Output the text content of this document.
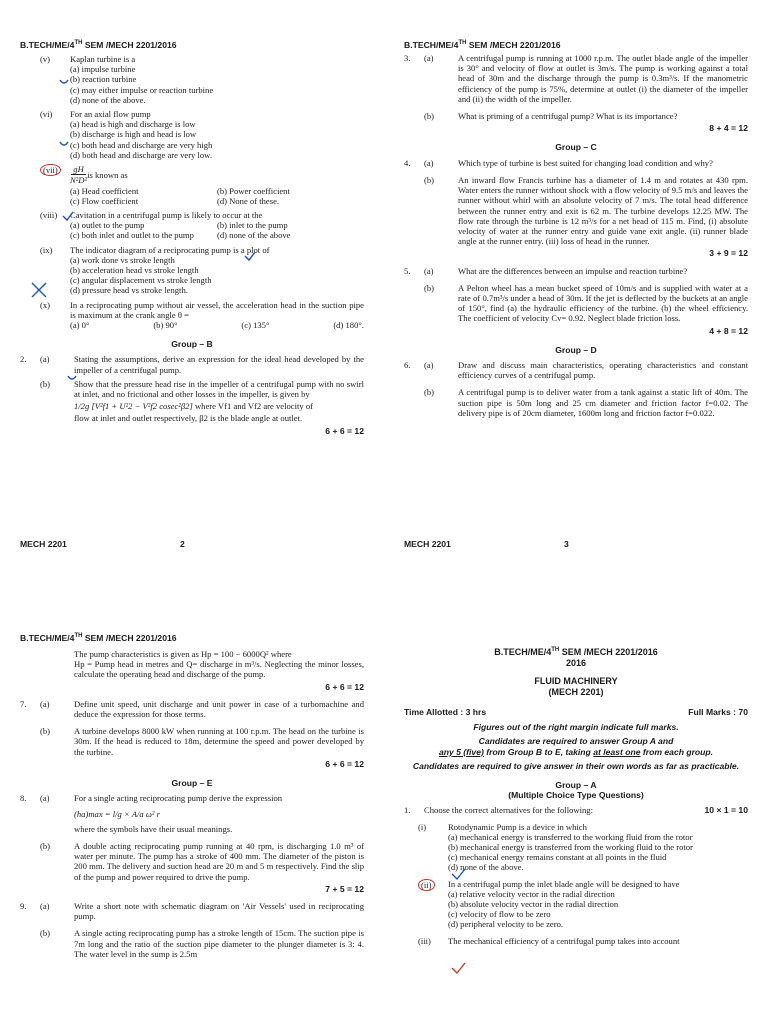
B.TECH/ME/4TH SEM /MECH 2201/2016
(v)	Kaplan turbine is a
(a) impulse turbine
(b) reaction turbine
(c) may either impulse or reaction turbine
(d) none of the above.
(vi)	For an axial flow pump
(a) head is high and discharge is low
(b) discharge is high and head is low
(c) both head and discharge are very high
(d) both head and discharge are very low.
(vii)	gH
N²D²
is known as
(a) Head coefficient	(b) Power coefficient
(c) Flow coefficient	(d) None of these.
(viii)	Cavitation in a centrifugal pump is likely to occur at the
(a) outlet to the pump	(b) inlet to the pump
(c) both inlet and outlet to the pump	(d) none of the above
(ix)	The indicator diagram of a reciprocating pump is a plot of
(a) work done vs stroke length
(b) acceleration head vs stroke length
(c) angular displacement vs stroke length
(d) pressure head vs stroke length.
(x)	In a reciprocating pump without air vessel, the acceleration head in the suction pipe is maximum at the crank angle θ =
(a) 0°	(b) 90°	(c) 135°	(d) 180°.
Group – B
2.	(a)	Stating the assumptions, derive an expression for the ideal head developed by the impeller of a centrifugal pump.
(b)	Show that the pressure head rise in the impeller of a centrifugal pump with no swirl at inlet, and no frictional and other losses in the impeller, is given by
1/2g [V²f1 + U²2 − V²f2 cosec²β2] where Vf1 and Vf2 are velocity of
flow at inlet and outlet respectively, β2 is the blade angle at outlet.
6 + 6 = 12
MECH 2201	2
B.TECH/ME/4TH SEM /MECH 2201/2016
3.	(a)	A centrifugal pump is running at 1000 r.p.m. The outlet blade angle of the impeller is 30° and velocity of flow at outlet is 3m/s. The pump is working against a total head of 30m and the discharge through the pump is 0.3m³/s. If the manometric efficiency of the pump is 75%, determine at outlet (i) the diameter of the impeller and (ii) the width of the impeller.
(b)	What is priming of a centrifugal pump? What is its importance?
8 + 4 = 12
Group – C
4.	(a)	Which type of turbine is best suited for changing load condition and why?
(b)	An inward flow Francis turbine has a diameter of 1.4 m and rotates at 430 rpm. Water enters the runner without shock with a flow velocity of 9.5 m/s and leaves the runner without whirl with an absolute velocity of 7 m/s. The total head difference between the runner entry and exit is 62 m. The turbine develops 12.25 MW. The flow rate through the turbine is 12 m³/s for a net head of 115 m. Find, (i) absolute velocity of water at the runner entry and guide vane exit angle. (ii) runner blade angle at the runner entry. (iii) loss of head in the runner.
3 + 9 = 12
5.	(a)	What are the differences between an impulse and reaction turbine?
(b)	A Pelton wheel has a mean bucket speed of 10m/s and is supplied with water at a rate of 0.7m³/s under a head of 30m. If the jet is deflected by the buckets at an angle of 150°, find (a) the hydraulic efficiency of the turbine. (b) the wheel efficiency. The coefficient of velocity Cv= 0.92. Neglect blade friction loss.
4 + 8 = 12
Group – D
6.	(a)	Draw and discuss main characteristics, operating characteristics and constant efficiency curves of a centrifugal pump.
(b)	A centrifugal pump is to deliver water from a tank against a static lift of 40m. The suction pipe is 50m long and 25 cm diameter and friction factor f=0.02. The delivery pipe is of 20cm diameter, 1600m long and friction factor f=0.022.
MECH 2201	3
B.TECH/ME/4TH SEM /MECH 2201/2016
The pump characteristics is given as Hp = 100 − 6000Q² where
Hp = Pump head in metres and Q= discharge in m³/s. Neglecting the minor losses, calculate the operating head and discharge of the pump.
6 + 6 = 12
7.	(a)	Define unit speed, unit discharge and unit power in case of a turbomachine and deduce the expression for those terms.
(b)	A turbine develops 8000 kW when running at 100 r.p.m. The head on the turbine is 30m. If the head is reduced to 18m, determine the speed and power developed by the turbine.
6 + 6 = 12
Group – E
8.	(a)	For a single acting reciprocating pump derive the expression
(ha)max = l/g × A/a ω² r
where the symbols have their usual meanings.
(b)	A double acting reciprocating pump running at 40 rpm, is discharging 1.0 m³ of water per minute. The pump has a stroke of 400 mm. The diameter of the piston is 200 mm. The delivery and suction head are 20 m and 5 m respectively. Find the slip of the pump and power required to drive the pump.
7 + 5 = 12
9.	(a)	Write a short note with schematic diagram on 'Air Vessels' used in reciprocating pump.
(b)	A single acting reciprocating pump has a stroke length of 15cm. The suction pipe is 7m long and the ratio of the suction pipe diameter to the plunger diameter is 3: 4. The water level in the sump is 2.5m
B.TECH/ME/4TH SEM /MECH 2201/2016
2016
FLUID MACHINERY
(MECH 2201)
Time Allotted : 3 hrs	Full Marks : 70
Figures out of the right margin indicate full marks.
Candidates are required to answer Group A and
any 5 (five) from Group B to E, taking at least one from each group.
Candidates are required to give answer in their own words as far as practicable.
Group – A
(Multiple Choice Type Questions)
1.	Choose the correct alternatives for the following:	10 × 1 = 10
(i)	Rotodynamic Pump is a device in which
(a) mechanical energy is transferred to the working fluid from the rotor
(b) mechanical energy is transferred from the working fluid to the rotor
(c) mechanical energy remains constant at all points in the fluid
(d) none of the above.
(ii)	In a centrifugal pump the inlet blade angle will be designed to have
(a) relative velocity vector in the radial direction
(b) absolute velocity vector in the radial direction
(c) velocity of flow to be zero
(d) peripheral velocity to be zero.
(iii)	The mechanical efficiency of a centrifugal pump takes into account
